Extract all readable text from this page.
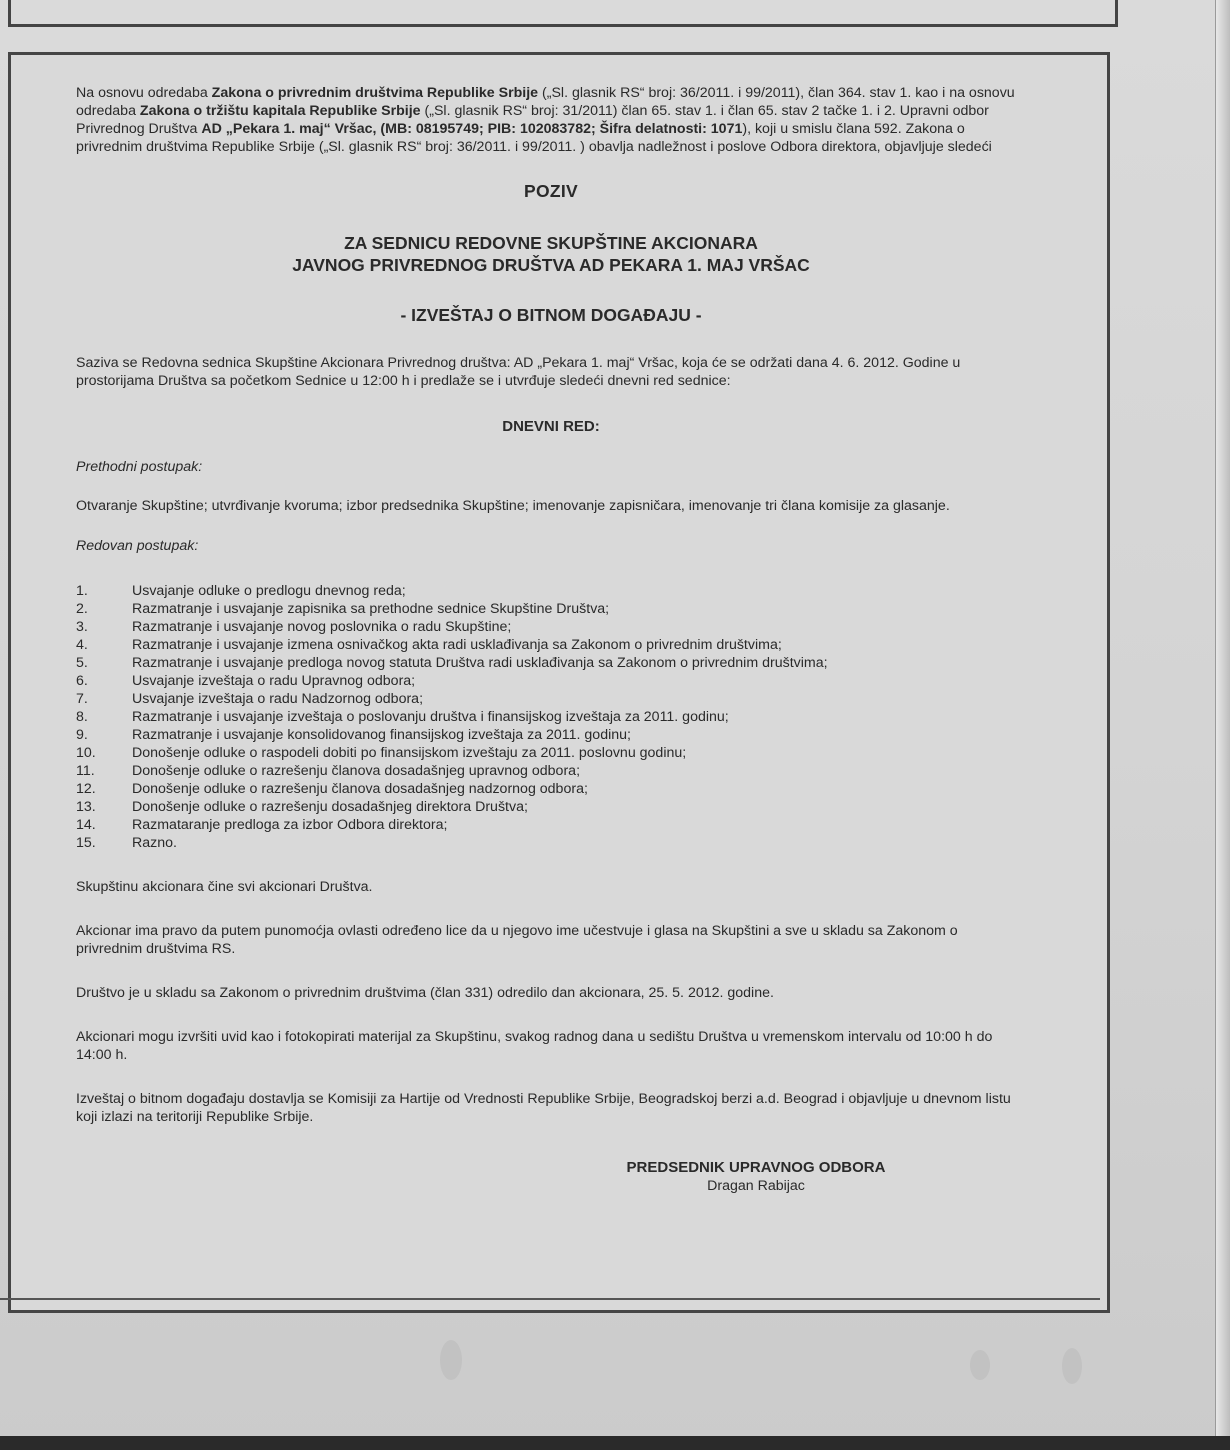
Na osnovu odredaba Zakona o privrednim društvima Republike Srbije („Sl. glasnik RS“ broj: 36/2011. i 99/2011), član 364. stav 1. kao i na osnovu odredaba Zakona o tržištu kapitala Republike Srbije („Sl. glasnik RS“ broj: 31/2011) član 65. stav 1. i član 65. stav 2 tačke 1. i 2. Upravni odbor Privrednog Društva AD „Pekara 1. maj“ Vršac, (MB: 08195749; PIB: 102083782; Šifra delatnosti: 1071), koji u smislu člana 592. Zakona o privrednim društvima Republike Srbije („Sl. glasnik RS“ broj: 36/2011. i 99/2011. ) obavlja nadležnost i poslove Odbora direktora, objavljuje sledeći

POZIV

ZA SEDNICU REDOVNE SKUPŠTINE AKCIONARA
JAVNOG PRIVREDNOG DRUŠTVA AD PEKARA 1. MAJ VRŠAC

- IZVEŠTAJ O BITNOM DOGAĐAJU -

Saziva se Redovna sednica Skupštine Akcionara Privrednog društva: AD „Pekara 1. maj“ Vršac, koja će se održati dana 4. 6. 2012. Godine u prostorijama Društva sa početkom Sednice u 12:00 h i predlaže se i utvrđuje sledeći dnevni red sednice:

DNEVNI RED:

Prethodni postupak:

Otvaranje Skupštine; utvrđivanje kvoruma; izbor predsednika Skupštine; imenovanje zapisničara, imenovanje tri člana komisije za glasanje.

Redovan postupak:

1.	Usvajanje odluke o predlogu dnevnog reda;
2.	Razmatranje i usvajanje zapisnika sa prethodne sednice Skupštine Društva;
3.	Razmatranje i usvajanje novog poslovnika o radu Skupštine;
4.	Razmatranje i usvajanje izmena osnivačkog akta radi usklađivanja sa Zakonom o privrednim društvima;
5.	Razmatranje i usvajanje predloga novog statuta Društva radi usklađivanja sa Zakonom o privrednim društvima;
6.	Usvajanje izveštaja o radu Upravnog odbora;
7.	Usvajanje izveštaja o radu Nadzornog odbora;
8.	Razmatranje i usvajanje izveštaja o poslovanju društva i finansijskog izveštaja za 2011. godinu;
9.	Razmatranje i usvajanje konsolidovanog finansijskog izveštaja za 2011. godinu;
10.	Donošenje odluke o raspodeli dobiti po finansijskom izveštaju za 2011. poslovnu godinu;
11.	Donošenje odluke o razrešenju članova dosadašnjeg upravnog odbora;
12.	Donošenje odluke o razrešenju članova dosadašnjeg nadzornog odbora;
13.	Donošenje odluke o razrešenju dosadašnjeg direktora Društva;
14.	Razmataranje predloga za izbor Odbora direktora;
15.	Razno.

Skupštinu akcionara čine svi akcionari Društva.

Akcionar ima pravo da putem punomoćja ovlasti određeno lice da u njegovo ime učestvuje i glasa na Skupštini a sve u skladu sa Zakonom o privrednim društvima RS.

Društvo je u skladu sa Zakonom o privrednim društvima (član 331) odredilo dan akcionara, 25. 5. 2012. godine.

Akcionari mogu izvršiti uvid kao i fotokopirati materijal za Skupštinu, svakog radnog dana u sedištu Društva u vremenskom intervalu od 10:00 h do 14:00 h.

Izveštaj o bitnom događaju dostavlja se Komisiji za Hartije od Vrednosti Republike Srbije, Beogradskoj berzi a.d. Beograd i objavljuje u dnevnom listu koji izlazi na teritoriji Republike Srbije.

PREDSEDNIK UPRAVNOG ODBORA
Dragan Rabijac
